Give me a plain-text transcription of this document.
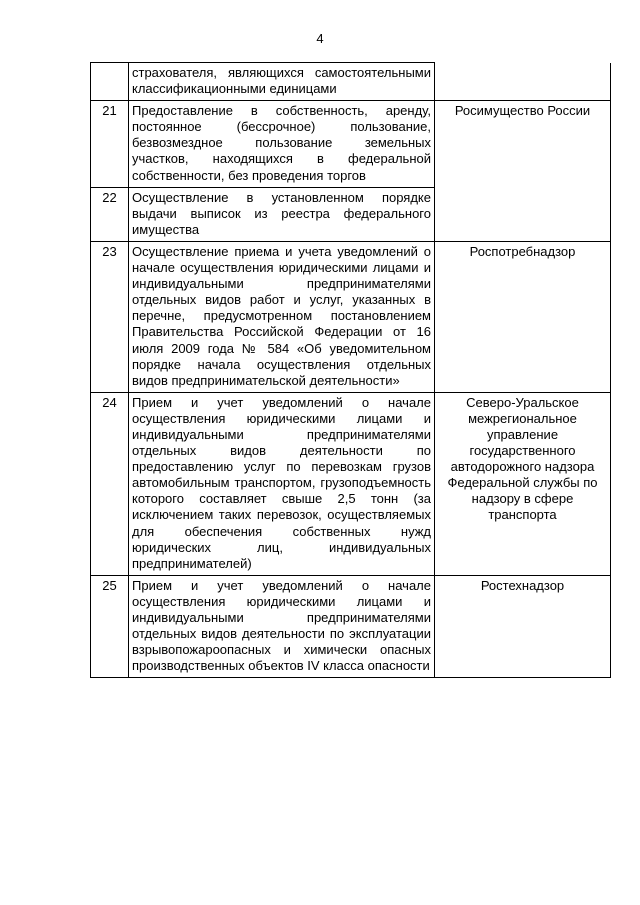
4
	страхователя, являющихся самостоятельными классификационными единицами	
21	Предоставление в собственность, аренду, постоянное (бессрочное) пользование, безвозмездное пользование земельных участков, находящихся в федеральной собственности, без проведения торгов	Росимущество России
22	Осуществление в установленном порядке выдачи выписок из реестра федерального имущества	
23	Осуществление приема и учета уведомлений о начале осуществления юридическими лицами и индивидуальными предпринимателями отдельных видов работ и услуг, указанных в перечне, предусмотренном постановлением Правительства Российской Федерации от 16 июля 2009 года № 584 «Об уведомительном порядке начала осуществления отдельных видов предпринимательской деятельности»	Роспотребнадзор
24	Прием и учет уведомлений о начале осуществления юридическими лицами и индивидуальными предпринимателями отдельных видов деятельности по предоставлению услуг по перевозкам грузов автомобильным транспортом, грузоподъемность которого составляет свыше 2,5 тонн (за исключением таких перевозок, осуществляемых для обеспечения собственных нужд юридических лиц, индивидуальных предпринимателей)	Северо-Уральское межрегиональное управление государственного автодорожного надзора Федеральной службы по надзору в сфере транспорта
25	Прием и учет уведомлений о начале осуществления юридическими лицами и индивидуальными предпринимателями отдельных видов деятельности по эксплуатации взрывопожароопасных и химически опасных производственных объектов IV класса опасности	Ростехнадзор
